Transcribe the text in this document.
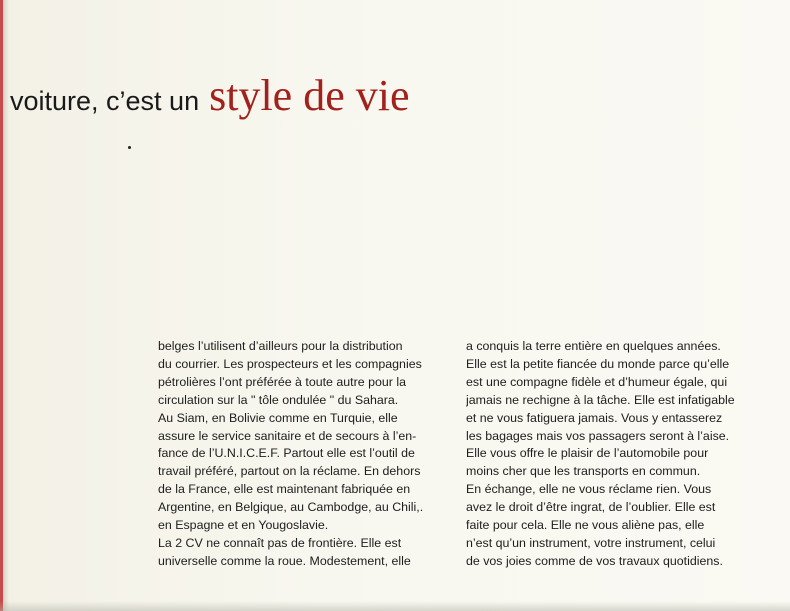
voiture, c’est un style de vie
belges l’utilisent d’ailleurs pour la distribution
du courrier. Les prospecteurs et les compagnies
pétrolières l’ont préférée à toute autre pour la
circulation sur la " tôle ondulée " du Sahara.
Au Siam, en Bolivie comme en Turquie, elle
assure le service sanitaire et de secours à l’en-
fance de l’U.N.I.C.E.F. Partout elle est l’outil de
travail préféré, partout on la réclame. En dehors
de la France, elle est maintenant fabriquée en
Argentine, en Belgique, au Cambodge, au Chili,.
en Espagne et en Yougoslavie.
La 2 CV ne connaît pas de frontière. Elle est
universelle comme la roue. Modestement, elle
a conquis la terre entière en quelques années.
Elle est la petite fiancée du monde parce qu’elle
est une compagne fidèle et d’humeur égale, qui
jamais ne rechigne à la tâche. Elle est infatigable
et ne vous fatiguera jamais. Vous y entasserez
les bagages mais vos passagers seront à l’aise.
Elle vous offre le plaisir de l’automobile pour
moins cher que les transports en commun.
En échange, elle ne vous réclame rien. Vous
avez le droit d’être ingrat, de l’oublier. Elle est
faite pour cela. Elle ne vous aliène pas, elle
n’est qu’un instrument, votre instrument, celui
de vos joies comme de vos travaux quotidiens.
